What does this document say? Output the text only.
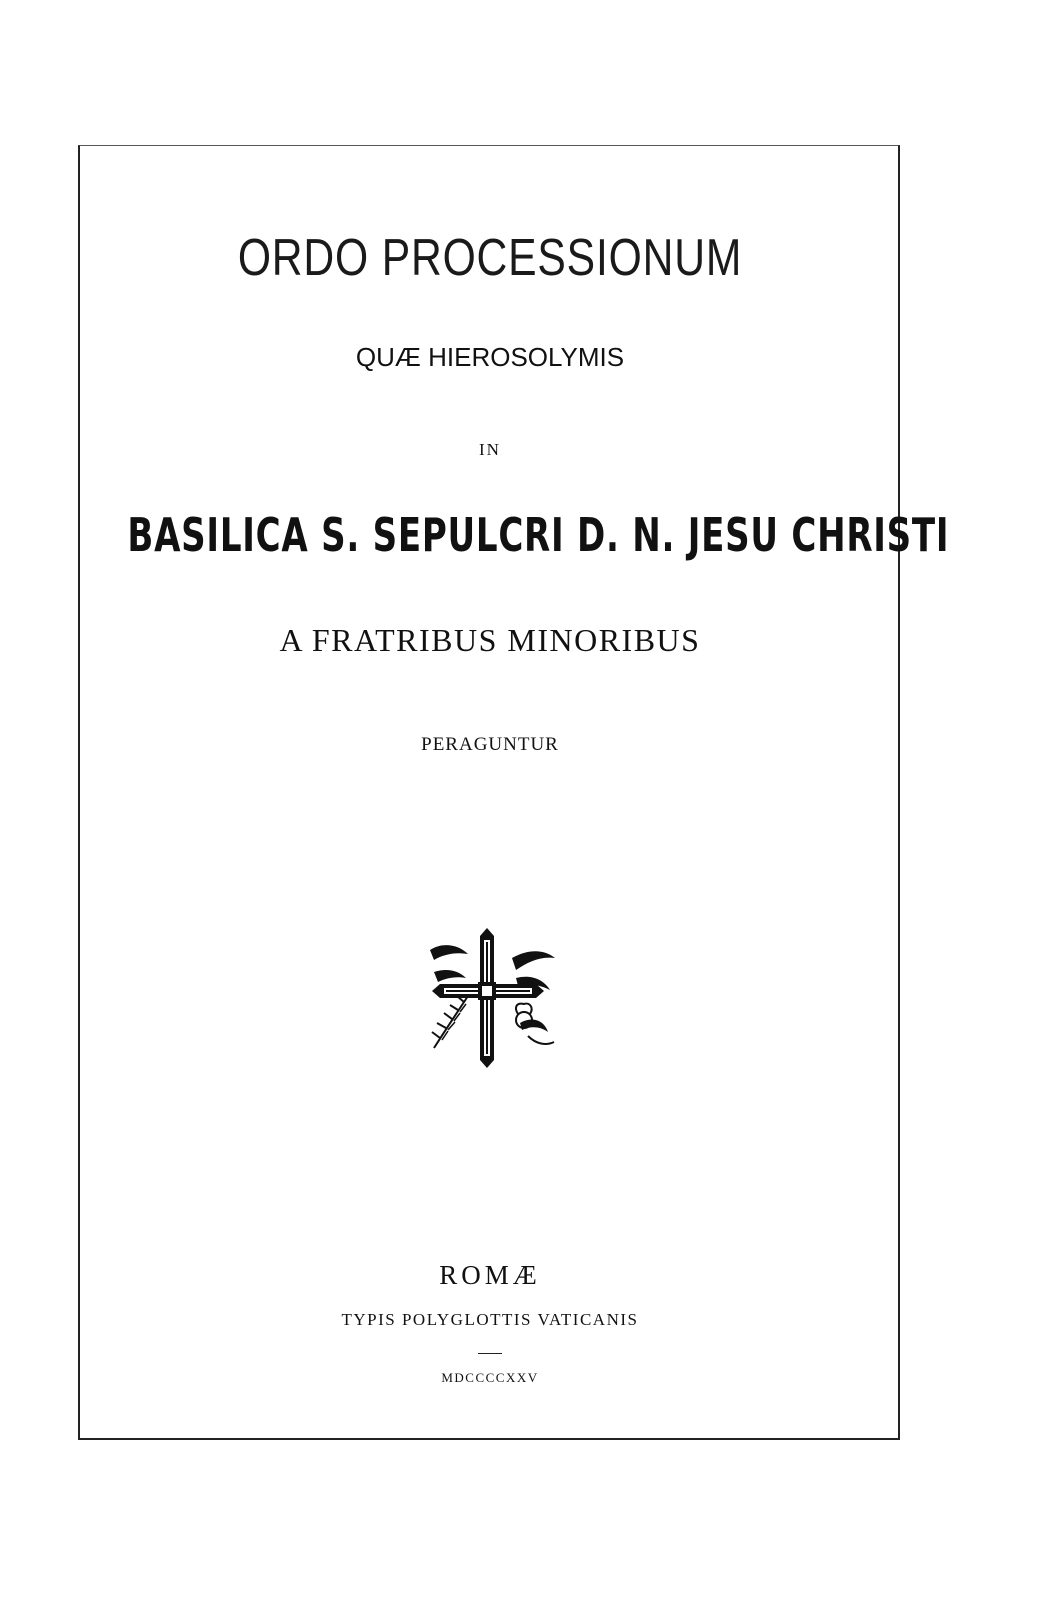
ORDO PROCESSIONUM
QUÆ HIEROSOLYMIS
IN
BASILICA S. SEPULCRI D. N. JESU CHRISTI
A FRATRIBUS MINORIBUS
PERAGUNTUR
ROMÆ
TYPIS POLYGLOTTIS VATICANIS
MDCCCCXXV
